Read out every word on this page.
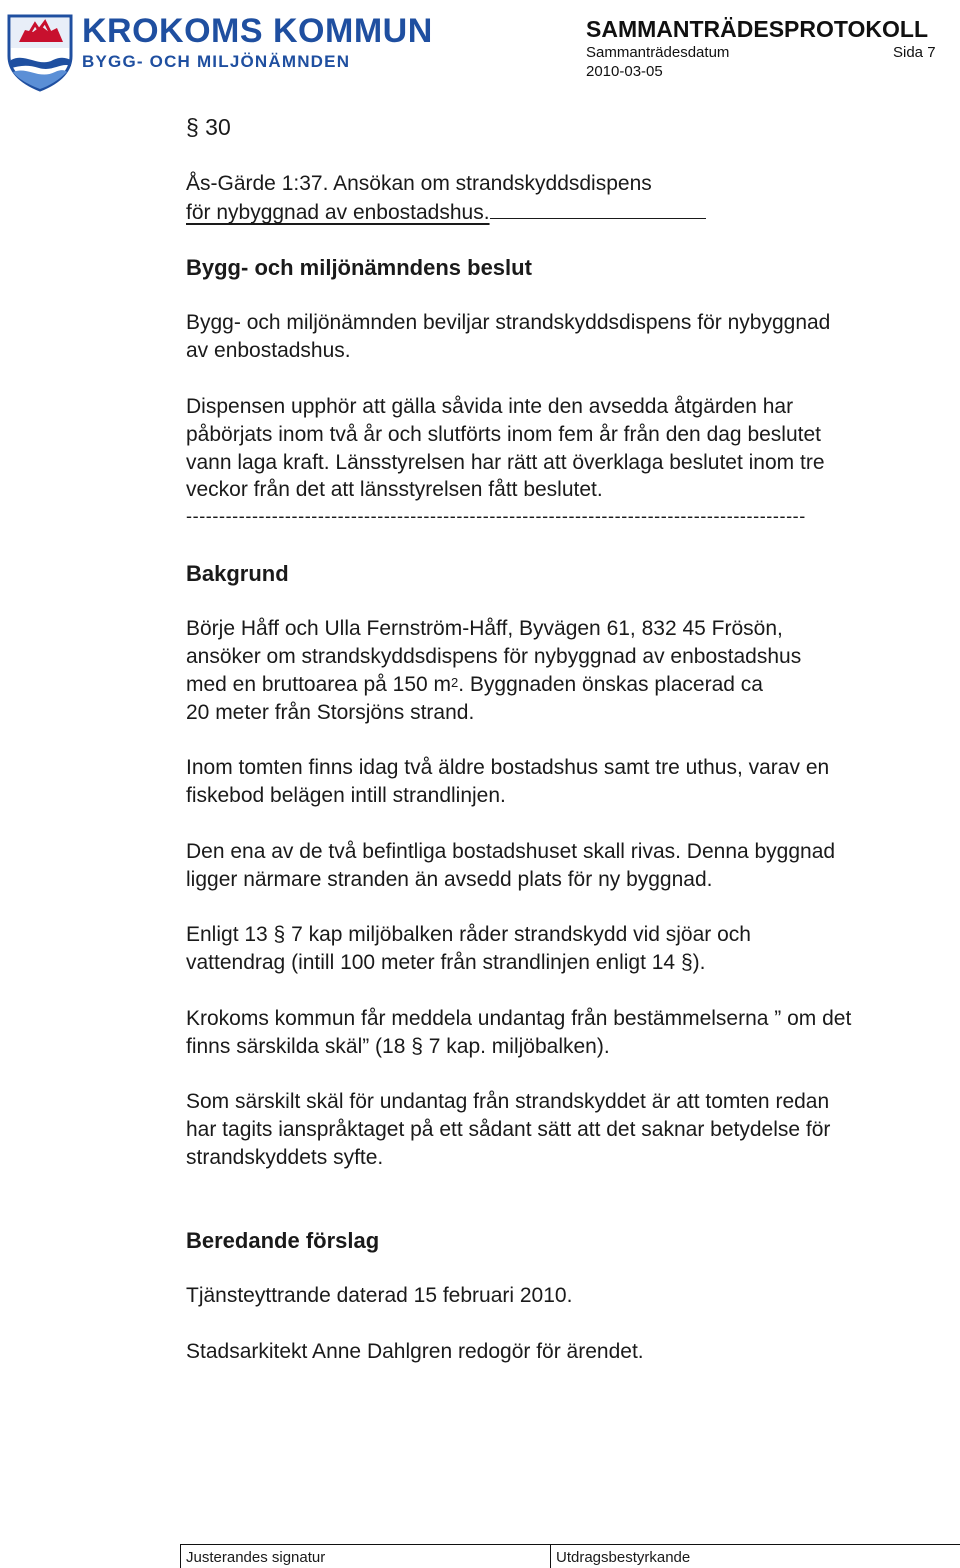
KROKOMS KOMMUN
BYGG- OCH MILJÖNÄMNDEN
SAMMANTRÄDESPROTOKOLL
Sammanträdesdatum	Sida 7
2010-03-05
§ 30
Ås-Gärde 1:37. Ansökan om strandskyddsdispens
för nybyggnad av enbostadshus.
Bygg- och miljönämndens beslut
Bygg- och miljönämnden beviljar strandskyddsdispens för nybyggnad
av enbostadshus.
Dispensen upphör att gälla såvida inte den avsedda åtgärden har
påbörjats inom två år och slutförts inom fem år från den dag beslutet
vann laga kraft. Länsstyrelsen har rätt att överklaga beslutet inom tre
veckor från det att länsstyrelsen fått beslutet.
----------------------------------------------------------------------------------------------
Bakgrund
Börje Håff och Ulla Fernström-Håff, Byvägen 61, 832 45 Frösön,
ansöker om strandskyddsdispens för nybyggnad av enbostadshus
med en bruttoarea på 150 $m^2$. Byggnaden önskas placerad ca
20 meter från Storsjöns strand.
Inom tomten finns idag två äldre bostadshus samt tre uthus, varav en
fiskebod belägen intill strandlinjen.
Den ena av de två befintliga bostadshuset skall rivas. Denna byggnad
ligger närmare stranden än avsedd plats för ny byggnad.
Enligt 13 § 7 kap miljöbalken råder strandskydd vid sjöar och
vattendrag (intill 100 meter från strandlinjen enligt 14 §).
Krokoms kommun får meddela undantag från bestämmelserna ” om det
finns särskilda skäl” (18 § 7 kap. miljöbalken).
Som särskilt skäl för undantag från strandskyddet är att tomten redan
har tagits ianspråktaget på ett sådant sätt att det saknar betydelse för
strandskyddets syfte.
Beredande förslag
Tjänsteyttrande daterad 15 februari 2010.
Stadsarkitekt Anne Dahlgren redogör för ärendet.
Justerandes signatur	Utdragsbestyrkande
